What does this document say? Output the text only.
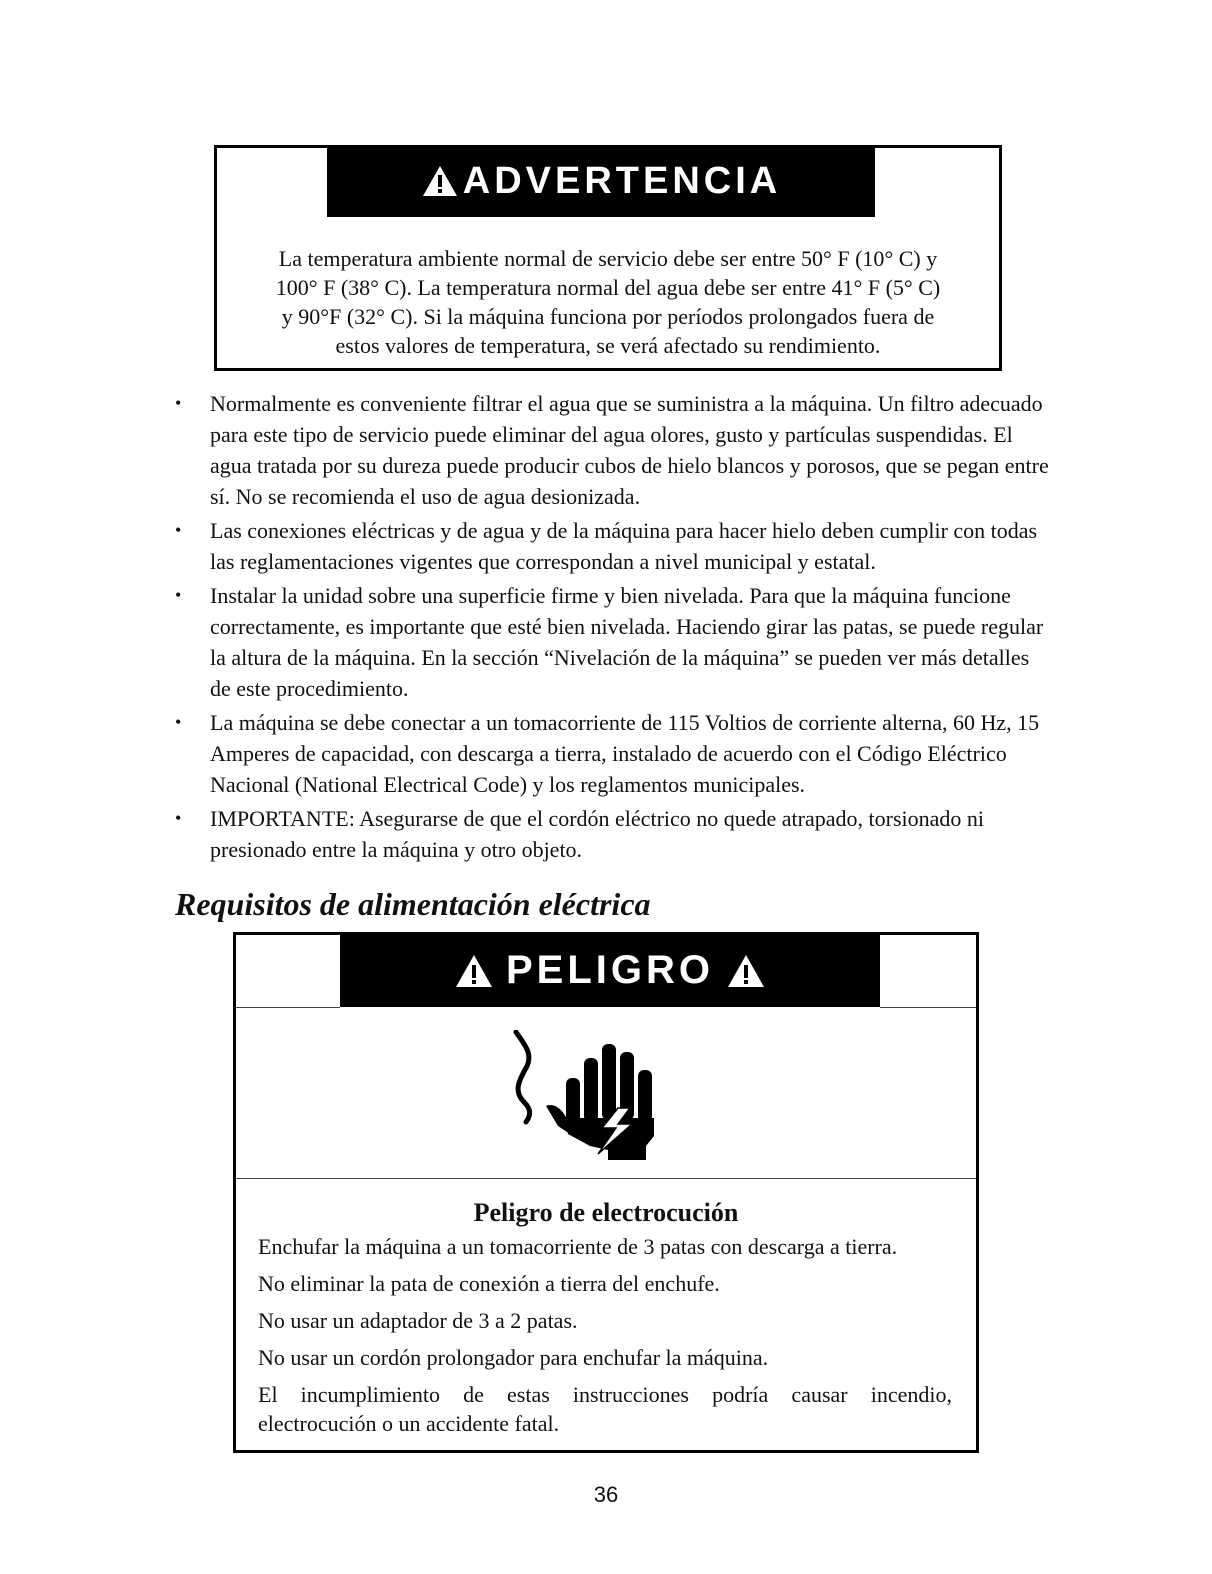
ADVERTENCIA
La temperatura ambiente normal de servicio debe ser entre 50° F (10° C) y
100° F (38° C). La temperatura normal del agua debe ser entre 41° F (5° C)
y 90°F (32° C). Si la máquina funciona por períodos prolongados fuera de
estos valores de temperatura, se verá afectado su rendimiento.
• Normalmente es conveniente filtrar el agua que se suministra a la máquina. Un filtro adecuado para este tipo de servicio puede eliminar del agua olores, gusto y partículas suspendidas. El agua tratada por su dureza puede producir cubos de hielo blancos y porosos, que se pegan entre sí. No se recomienda el uso de agua desionizada.
• Las conexiones eléctricas y de agua y de la máquina para hacer hielo deben cumplir con todas las reglamentaciones vigentes que correspondan a nivel municipal y estatal.
• Instalar la unidad sobre una superficie firme y bien nivelada. Para que la máquina funcione correctamente, es importante que esté bien nivelada. Haciendo girar las patas, se puede regular la altura de la máquina. En la sección “Nivelación de la máquina” se pueden ver más detalles de este procedimiento.
• La máquina se debe conectar a un tomacorriente de 115 Voltios de corriente alterna, 60 Hz, 15 Amperes de capacidad, con descarga a tierra, instalado de acuerdo con el Código Eléctrico Nacional (National Electrical Code) y los reglamentos municipales.
• IMPORTANTE: Asegurarse de que el cordón eléctrico no quede atrapado, torsionado ni presionado entre la máquina y otro objeto.
Requisitos de alimentación eléctrica
PELIGRO
Peligro de electrocución
Enchufar la máquina a un tomacorriente de 3 patas con descarga a tierra.
No eliminar la pata de conexión a tierra del enchufe.
No usar un adaptador de 3 a 2 patas.
No usar un cordón prolongador para enchufar la máquina.
El incumplimiento de estas instrucciones podría causar incendio, electrocución o un accidente fatal.
36
